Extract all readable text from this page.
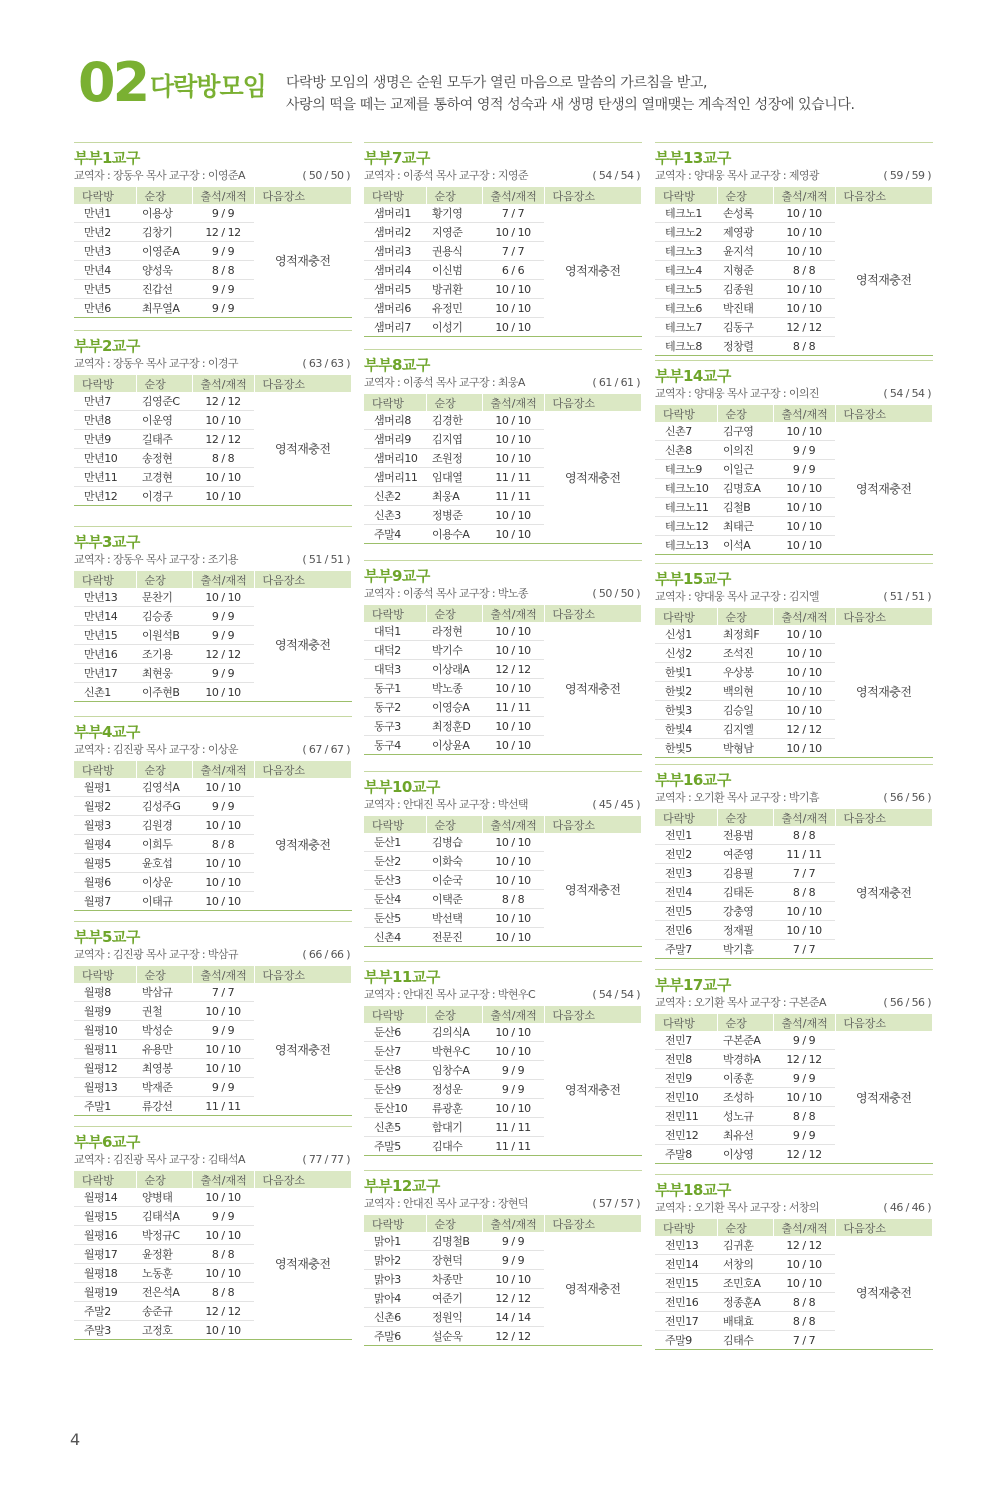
02 다락방모임 다락방 모임의 생명은 순원 모두가 열린 마음으로 말씀의 가르침을 받고,
사랑의 떡을 떼는 교제를 통하여 영적 성숙과 새 생명 탄생의 열매맺는 계속적인 성장에 있습니다.
부부1교구
교역자 : 장동우 목사 교구장 : 이영준A	( 50 / 50 )
다락방	순장	출석/재적	다음장소
만년1	이용상	9 / 9	영적재충전
만년2	김창기	12 / 12	
만년3	이영준A	9 / 9	
만년4	양성욱	8 / 8	
만년5	진갑선	9 / 9	
만년6	최무열A	9 / 9	
부부2교구
교역자 : 장동우 목사 교구장 : 이경구	( 63 / 63 )
다락방	순장	출석/재적	다음장소
만년7	김영준C	12 / 12	영적재충전
만년8	이운영	10 / 10	
만년9	길태주	12 / 12	
만년10	송정현	8 / 8	
만년11	고경현	10 / 10	
만년12	이경구	10 / 10	
부부3교구
교역자 : 장동우 목사 교구장 : 조기용	( 51 / 51 )
다락방	순장	출석/재적	다음장소
만년13	문찬기	10 / 10	영적재충전
만년14	김승종	9 / 9	
만년15	이원석B	9 / 9	
만년16	조기용	12 / 12	
만년17	최현웅	9 / 9	
신촌1	이주현B	10 / 10	
부부4교구
교역자 : 김진광 목사 교구장 : 이상운	( 67 / 67 )
다락방	순장	출석/재적	다음장소
월평1	김영석A	10 / 10	영적재충전
월평2	김성주G	9 / 9	
월평3	김원경	10 / 10	
월평4	이희두	8 / 8	
월평5	윤호섭	10 / 10	
월평6	이상운	10 / 10	
월평7	이태규	10 / 10	
부부5교구
교역자 : 김진광 목사 교구장 : 박삼규	( 66 / 66 )
다락방	순장	출석/재적	다음장소
월평8	박삼규	7 / 7	영적재충전
월평9	권철	10 / 10	
월평10	박성순	9 / 9	
월평11	유용만	10 / 10	
월평12	최영봉	10 / 10	
월평13	박재준	9 / 9	
주말1	류강선	11 / 11	
부부6교구
교역자 : 김진광 목사 교구장 : 김태석A	( 77 / 77 )
다락방	순장	출석/재적	다음장소
월평14	양병태	10 / 10	영적재충전
월평15	김태석A	9 / 9	
월평16	박정규C	10 / 10	
월평17	윤정환	8 / 8	
월평18	노동훈	10 / 10	
월평19	전은석A	8 / 8	
주말2	송준규	12 / 12	
주말3	고정호	10 / 10	
부부7교구
교역자 : 이종석 목사 교구장 : 지영준	( 54 / 54 )
다락방	순장	출석/재적	다음장소
샘머리1	황기영	7 / 7	영적재충전
샘머리2	지영준	10 / 10	
샘머리3	권용식	7 / 7	
샘머리4	이신범	6 / 6	
샘머리5	방귀환	10 / 10	
샘머리6	유정민	10 / 10	
샘머리7	이성기	10 / 10	
부부8교구
교역자 : 이종석 목사 교구장 : 최웅A	( 61 / 61 )
다락방	순장	출석/재적	다음장소
샘머리8	김경한	10 / 10	영적재충전
샘머리9	김지엽	10 / 10	
샘머리10	조원정	10 / 10	
샘머리11	임대열	11 / 11	
신촌2	최웅A	11 / 11	
신촌3	정병준	10 / 10	
주말4	이용수A	10 / 10	
부부9교구
교역자 : 이종석 목사 교구장 : 박노종	( 50 / 50 )
다락방	순장	출석/재적	다음장소
대덕1	라정현	10 / 10	영적재충전
대덕2	박기수	10 / 10	
대덕3	이상래A	12 / 12	
동구1	박노종	10 / 10	
동구2	이영승A	11 / 11	
동구3	최정훈D	10 / 10	
동구4	이상윤A	10 / 10	
부부10교구
교역자 : 안대진 목사 교구장 : 박선택	( 45 / 45 )
다락방	순장	출석/재적	다음장소
둔산1	김병습	10 / 10	영적재충전
둔산2	이화숙	10 / 10	
둔산3	이순국	10 / 10	
둔산4	이택준	8 / 8	
둔산5	박선택	10 / 10	
신촌4	전문진	10 / 10	
부부11교구
교역자 : 안대진 목사 교구장 : 박현우C	( 54 / 54 )
다락방	순장	출석/재적	다음장소
둔산6	김의식A	10 / 10	영적재충전
둔산7	박현우C	10 / 10	
둔산8	임창수A	9 / 9	
둔산9	정성운	9 / 9	
둔산10	류광훈	10 / 10	
신촌5	함대기	11 / 11	
주말5	김대수	11 / 11	
부부12교구
교역자 : 안대진 목사 교구장 : 장현덕	( 57 / 57 )
다락방	순장	출석/재적	다음장소
맑아1	김명철B	9 / 9	영적재충전
맑아2	장현덕	9 / 9	
맑아3	차종만	10 / 10	
맑아4	여준기	12 / 12	
신촌6	정원익	14 / 14	
주말6	설순욱	12 / 12	
부부13교구
교역자 : 양대웅 목사 교구장 : 제영광	( 59 / 59 )
다락방	순장	출석/재적	다음장소
테크노1	손성록	10 / 10	영적재충전
테크노2	제영광	10 / 10	
테크노3	윤지석	10 / 10	
테크노4	지형준	8 / 8	
테크노5	김종원	10 / 10	
테크노6	박진태	10 / 10	
테크노7	김동구	12 / 12	
테크노8	정창렬	8 / 8	
부부14교구
교역자 : 양대웅 목사 교구장 : 이의진	( 54 / 54 )
다락방	순장	출석/재적	다음장소
신촌7	김구영	10 / 10	영적재충전
신촌8	이의진	9 / 9	
테크노9	이일근	9 / 9	
테크노10	김명호A	10 / 10	
테크노11	김철B	10 / 10	
테크노12	최태근	10 / 10	
테크노13	이석A	10 / 10	
부부15교구
교역자 : 양대웅 목사 교구장 : 김지엘	( 51 / 51 )
다락방	순장	출석/재적	다음장소
신성1	최정희F	10 / 10	영적재충전
신성2	조석진	10 / 10	
한빛1	우상봉	10 / 10	
한빛2	백의현	10 / 10	
한빛3	김승일	10 / 10	
한빛4	김지엘	12 / 12	
한빛5	박형남	10 / 10	
부부16교구
교역자 : 오기환 목사 교구장 : 박기흠	( 56 / 56 )
다락방	순장	출석/재적	다음장소
전민1	전용범	8 / 8	영적재충전
전민2	여준영	11 / 11	
전민3	김용필	7 / 7	
전민4	김태돈	8 / 8	
전민5	강충영	10 / 10	
전민6	정재필	10 / 10	
주말7	박기흠	7 / 7	
부부17교구
교역자 : 오기환 목사 교구장 : 구본준A	( 56 / 56 )
다락방	순장	출석/재적	다음장소
전민7	구본준A	9 / 9	영적재충전
전민8	박경하A	12 / 12	
전민9	이종훈	9 / 9	
전민10	조성하	10 / 10	
전민11	성노규	8 / 8	
전민12	최유선	9 / 9	
주말8	이상영	12 / 12	
부부18교구
교역자 : 오기환 목사 교구장 : 서창의	( 46 / 46 )
다락방	순장	출석/재적	다음장소
전민13	김귀훈	12 / 12	영적재충전
전민14	서창의	10 / 10	
전민15	조민호A	10 / 10	
전민16	정종훈A	8 / 8	
전민17	배태효	8 / 8	
주말9	김태수	7 / 7	
4
